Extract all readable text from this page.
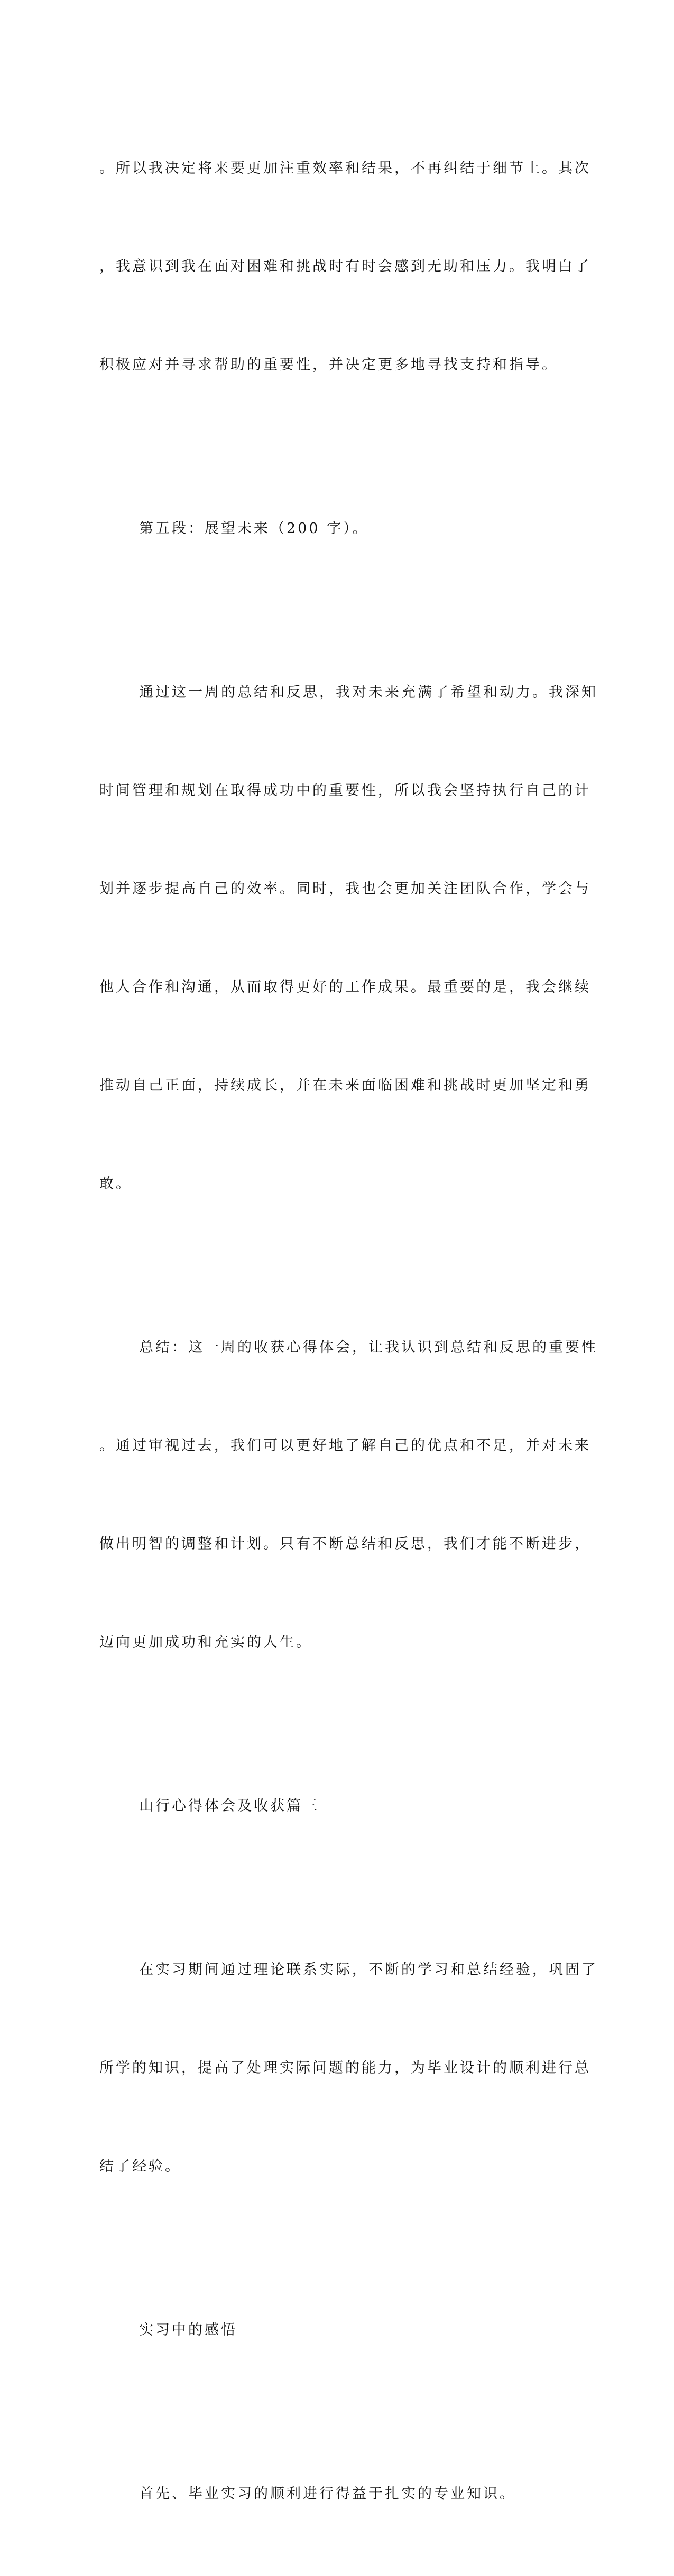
。所以我决定将来要更加注重效率和结果，不再纠结于细节上。其次

，我意识到我在面对困难和挑战时有时会感到无助和压力。我明白了

积极应对并寻求帮助的重要性，并决定更多地寻找支持和指导。

第五段：展望未来（200 字）。

通过这一周的总结和反思，我对未来充满了希望和动力。我深知

时间管理和规划在取得成功中的重要性，所以我会坚持执行自己的计

划并逐步提高自己的效率。同时，我也会更加关注团队合作，学会与

他人合作和沟通，从而取得更好的工作成果。最重要的是，我会继续

推动自己正面，持续成长，并在未来面临困难和挑战时更加坚定和勇

敢。

总结：这一周的收获心得体会，让我认识到总结和反思的重要性

。通过审视过去，我们可以更好地了解自己的优点和不足，并对未来

做出明智的调整和计划。只有不断总结和反思，我们才能不断进步，

迈向更加成功和充实的人生。

山行心得体会及收获篇三

在实习期间通过理论联系实际，不断的学习和总结经验，巩固了

所学的知识，提高了处理实际问题的能力，为毕业设计的顺利进行总

结了经验。

实习中的感悟

首先、毕业实习的顺利进行得益于扎实的专业知识。
